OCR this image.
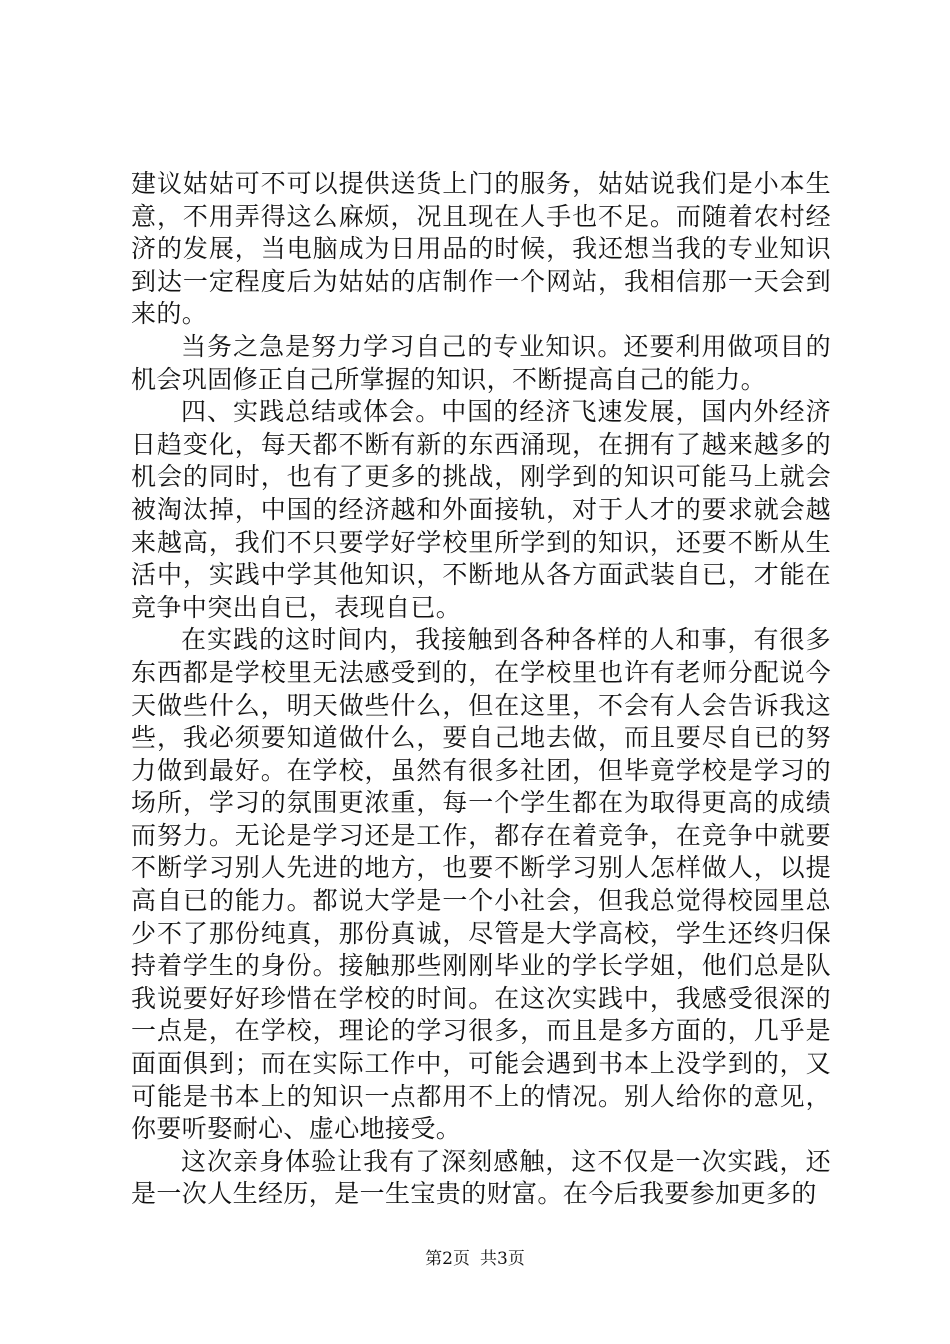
建议姑姑可不可以提供送货上门的服务，姑姑说我们是小本生意，不用弄得这么麻烦，况且现在人手也不足。而随着农村经济的发展，当电脑成为日用品的时候，我还想当我的专业知识到达一定程度后为姑姑的店制作一个网站，我相信那一天会到来的。

当务之急是努力学习自己的专业知识。还要利用做项目的机会巩固修正自己所掌握的知识，不断提高自己的能力。

四、实践总结或体会。中国的经济飞速发展，国内外经济日趋变化，每天都不断有新的东西涌现，在拥有了越来越多的机会的同时，也有了更多的挑战，刚学到的知识可能马上就会被淘汰掉，中国的经济越和外面接轨，对于人才的要求就会越来越高，我们不只要学好学校里所学到的知识，还要不断从生活中，实践中学其他知识，不断地从各方面武装自已，才能在竞争中突出自已，表现自已。

在实践的这时间内，我接触到各种各样的人和事，有很多东西都是学校里无法感受到的，在学校里也许有老师分配说今天做些什么，明天做些什么，但在这里，不会有人会告诉我这些，我必须要知道做什么，要自己地去做，而且要尽自已的努力做到最好。在学校，虽然有很多社团，但毕竟学校是学习的场所，学习的氛围更浓重，每一个学生都在为取得更高的成绩而努力。无论是学习还是工作，都存在着竞争，在竞争中就要不断学习别人先进的地方，也要不断学习别人怎样做人，以提高自已的能力。都说大学是一个小社会，但我总觉得校园里总少不了那份纯真，那份真诚，尽管是大学高校，学生还终归保持着学生的身份。接触那些刚刚毕业的学长学姐，他们总是队我说要好好珍惜在学校的时间。在这次实践中，我感受很深的一点是，在学校，理论的学习很多，而且是多方面的，几乎是面面俱到；而在实际工作中，可能会遇到书本上没学到的，又可能是书本上的知识一点都用不上的情况。别人给你的意见，你要听娶耐心、虚心地接受。

这次亲身体验让我有了深刻感触，这不仅是一次实践，还是一次人生经历，是一生宝贵的财富。在今后我要参加更多的

第2页 共3页
